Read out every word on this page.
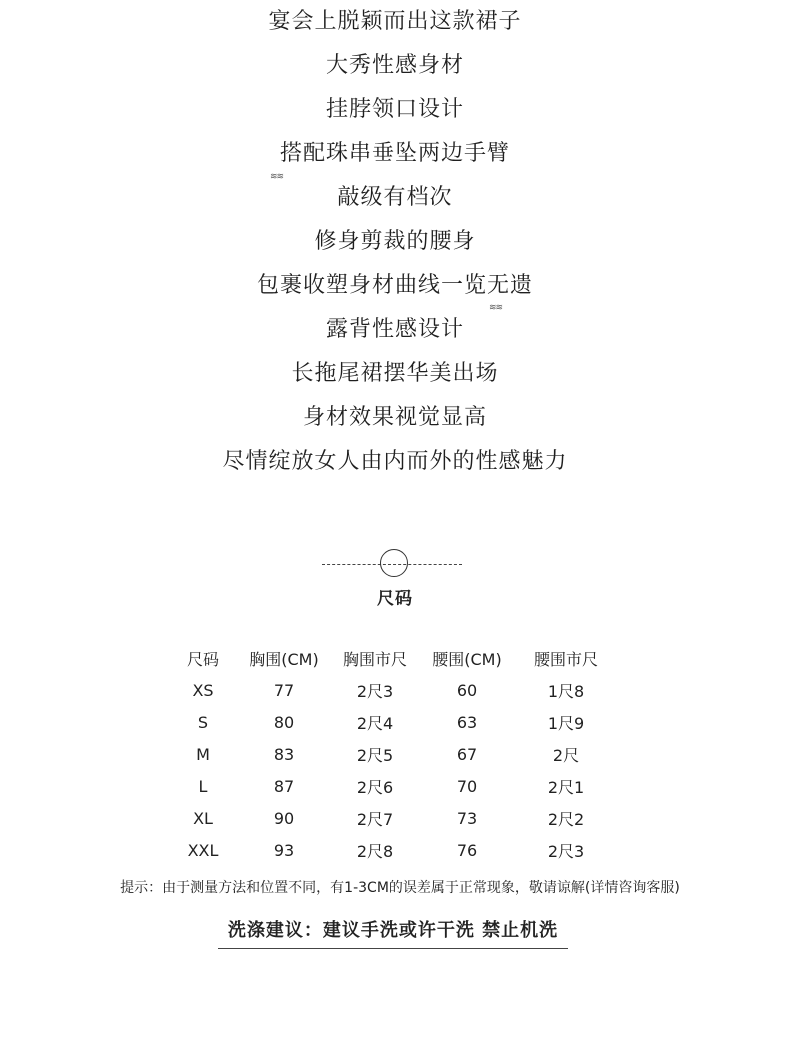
宴会上脱颖而出这款裙子
大秀性感身材
挂脖领口设计
搭配珠串垂坠两边手臂
敲级有档次
修身剪裁的腰身
包裹收塑身材曲线一览无遗
露背性感设计
长拖尾裙摆华美出场
身材效果视觉显高
尽情绽放女人由内而外的性感魅力
≋≋
≋≋
尺码
尺码	胸围(CM)	胸围市尺	腰围(CM)	腰围市尺
XS	77	2尺3	60	1尺8
S	80	2尺4	63	1尺9
M	83	2尺5	67	2尺
L	87	2尺6	70	2尺1
XL	90	2尺7	73	2尺2
XXL	93	2尺8	76	2尺3
提示：由于测量方法和位置不同，有1-3CM的误差属于正常现象，敬请谅解(详情咨询客服)
洗涤建议：建议手洗或许干洗 禁止机洗
